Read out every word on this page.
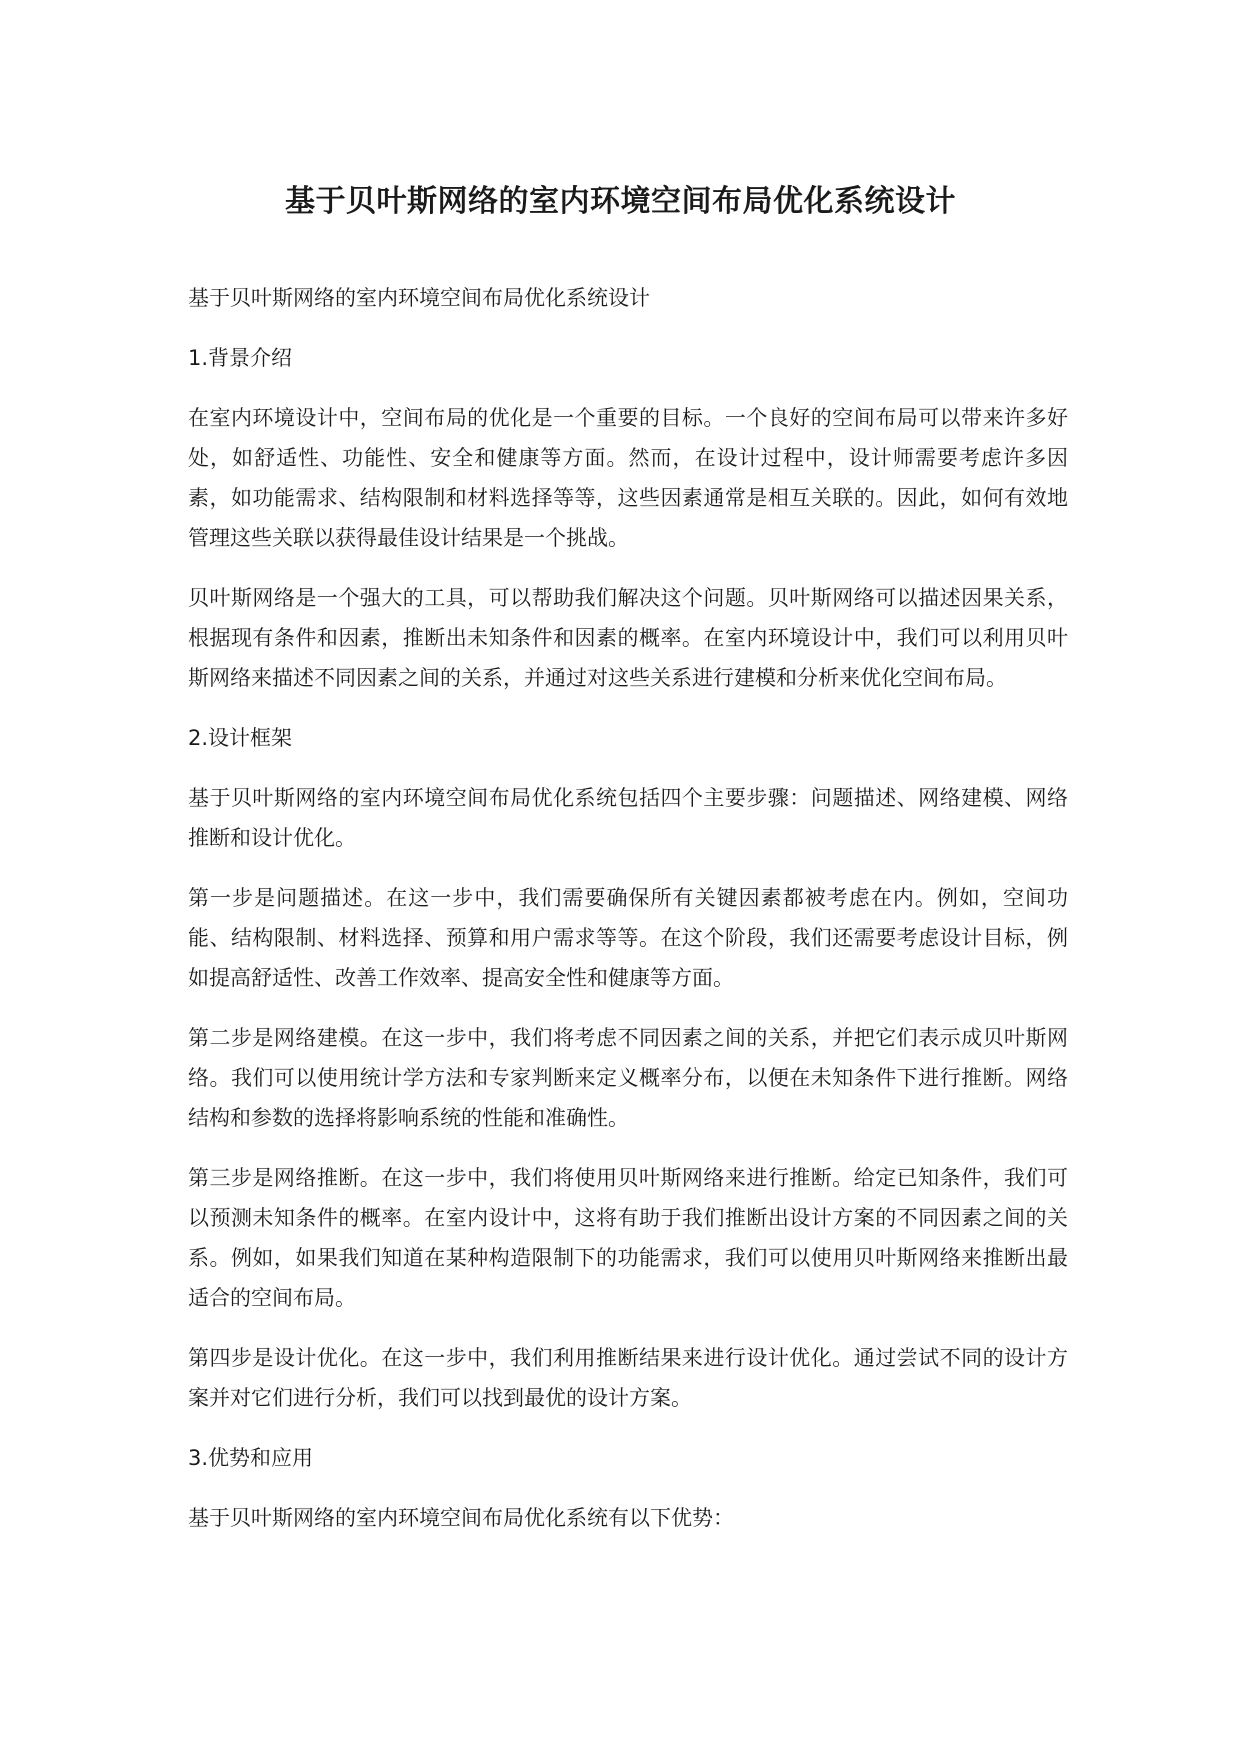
基于贝叶斯网络的室内环境空间布局优化系统设计

基于贝叶斯网络的室内环境空间布局优化系统设计

1.背景介绍

在室内环境设计中，空间布局的优化是一个重要的目标。一个良好的空间布局可以带来许多好处，如舒适性、功能性、安全和健康等方面。然而，在设计过程中，设计师需要考虑许多因素，如功能需求、结构限制和材料选择等等，这些因素通常是相互关联的。因此，如何有效地管理这些关联以获得最佳设计结果是一个挑战。

贝叶斯网络是一个强大的工具，可以帮助我们解决这个问题。贝叶斯网络可以描述因果关系，根据现有条件和因素，推断出未知条件和因素的概率。在室内环境设计中，我们可以利用贝叶斯网络来描述不同因素之间的关系，并通过对这些关系进行建模和分析来优化空间布局。

2.设计框架

基于贝叶斯网络的室内环境空间布局优化系统包括四个主要步骤：问题描述、网络建模、网络推断和设计优化。

第一步是问题描述。在这一步中，我们需要确保所有关键因素都被考虑在内。例如，空间功能、结构限制、材料选择、预算和用户需求等等。在这个阶段，我们还需要考虑设计目标，例如提高舒适性、改善工作效率、提高安全性和健康等方面。

第二步是网络建模。在这一步中，我们将考虑不同因素之间的关系，并把它们表示成贝叶斯网络。我们可以使用统计学方法和专家判断来定义概率分布，以便在未知条件下进行推断。网络结构和参数的选择将影响系统的性能和准确性。

第三步是网络推断。在这一步中，我们将使用贝叶斯网络来进行推断。给定已知条件，我们可以预测未知条件的概率。在室内设计中，这将有助于我们推断出设计方案的不同因素之间的关系。例如，如果我们知道在某种构造限制下的功能需求，我们可以使用贝叶斯网络来推断出最适合的空间布局。

第四步是设计优化。在这一步中，我们利用推断结果来进行设计优化。通过尝试不同的设计方案并对它们进行分析，我们可以找到最优的设计方案。

3.优势和应用

基于贝叶斯网络的室内环境空间布局优化系统有以下优势：
